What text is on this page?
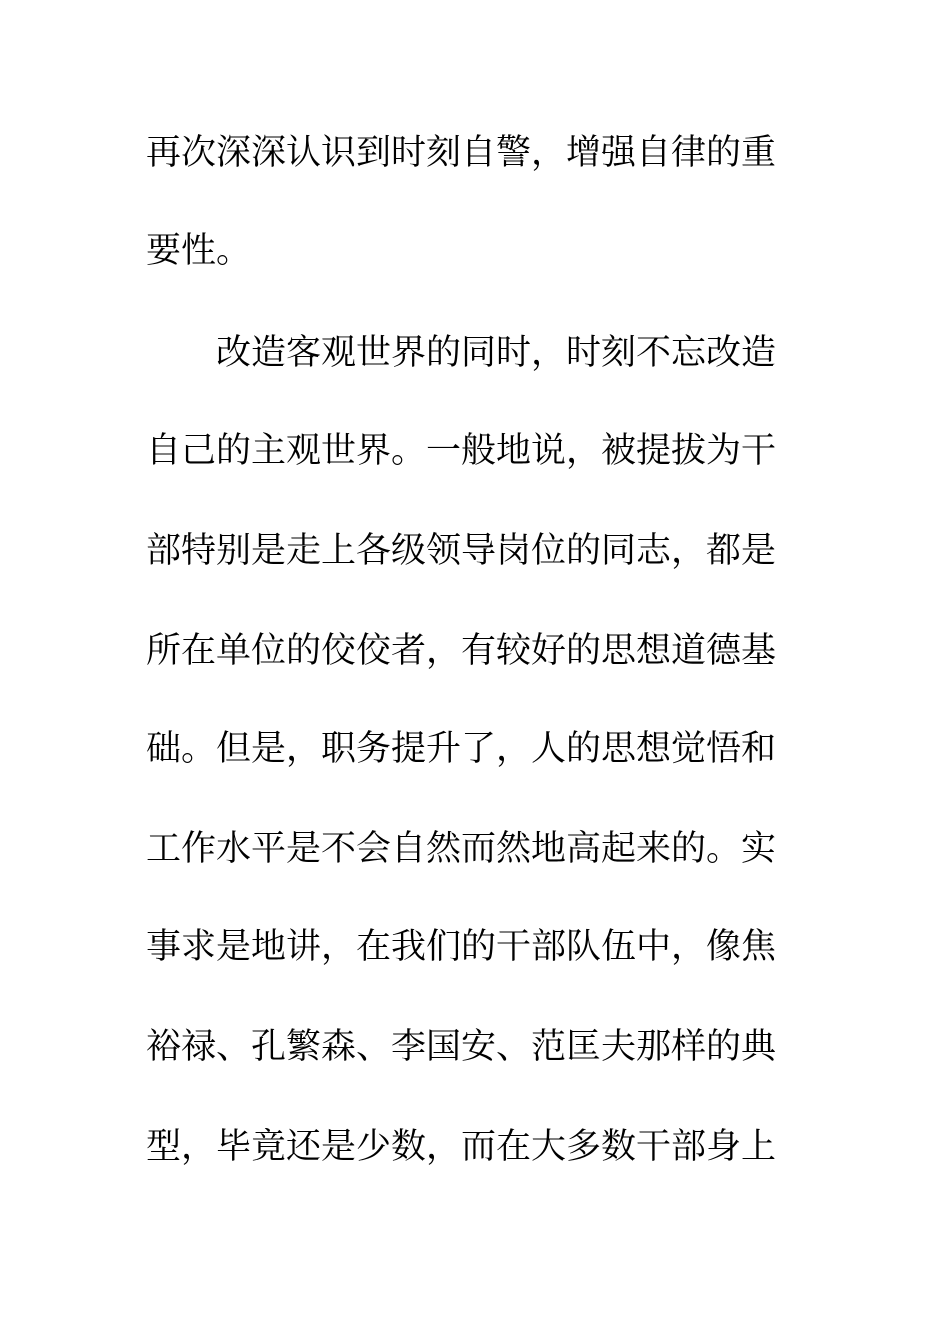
再次深深认识到时刻自警，增强自律的重
要性。
改造客观世界的同时，时刻不忘改造
自己的主观世界。一般地说，被提拔为干
部特别是走上各级领导岗位的同志，都是
所在单位的佼佼者，有较好的思想道德基
础。但是，职务提升了，人的思想觉悟和
工作水平是不会自然而然地高起来的。实
事求是地讲，在我们的干部队伍中，像焦
裕禄、孔繁森、李国安、范匡夫那样的典
型，毕竟还是少数，而在大多数干部身上
